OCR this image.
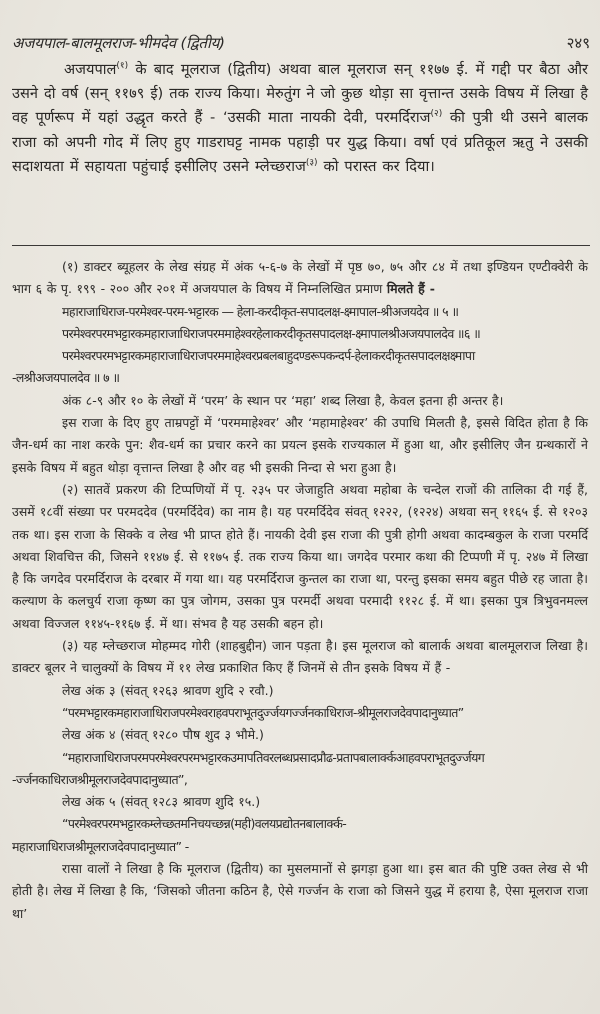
अजयपाल-बालमूलराज-भीमदेव (द्वितीय)	२४९

अजयपाल$^{(१)}$ के बाद मूलराज (द्वितीय) अथवा बाल मूलराज सन् ११७७ ई. में गद्दी पर बैठा और उसने दो वर्ष (सन् ११७९ ई) तक राज्य किया। मेरुतुंग ने जो कुछ थोड़ा सा वृत्तान्त उसके विषय में लिखा है वह पूर्णरूप में यहां उद्धृत करते हैं - ‘उसकी माता नायकी देवी, परमर्दिराज$^{(२)}$ की पुत्री थी उसने बालक राजा को अपनी गोद में लिए हुए गाडराघट्ट नामक पहाड़ी पर युद्ध किया। वर्षा एवं प्रतिकूल ऋतु ने उसकी सदाशयता में सहायता पहुंचाई इसीलिए उसने म्लेच्छराज$^{(३)}$ को परास्त कर दिया।

(१) डाक्टर ब्यूहलर के लेख संग्रह में अंक ५-६-७ के लेखों में पृष्ठ ७०, ७५ और ८४ में तथा इण्डियन एण्टीक्वेरी के भाग ६ के पृ. १९९ - २०० और २०१ में अजयपाल के विषय में निम्नलिखित प्रमाण मिलते हैं -

महाराजाधिराज-परमेश्वर-परम-भट्टारक — हेला-करदीकृत-सपादलक्ष-क्ष्मापाल-श्रीअजयदेव ॥ ५ ॥

परमेश्वरपरमभट्टारकमहाराजाधिराजपरममाहेश्वरहेलाकरदीकृतसपादलक्ष-क्ष्मापालश्रीअजयपालदेव ॥६ ॥

परमेश्वरपरमभट्टारकमहाराजाधिराजपरममाहेश्वरप्रबलबाहुदण्डरूपकन्दर्प-हेलाकरदीकृतसपादलक्षक्ष्मापा

-लश्रीअजयपालदेव ॥ ७ ॥

अंक ८-९ और १० के लेखों में ‘परम’ के स्थान पर ‘महा’ शब्द लिखा है, केवल इतना ही अन्तर है।

इस राजा के दिए हुए ताम्रपट्टों में ‘परममाहेश्वर’ और ‘महामाहेश्वर’ की उपाधि मिलती है, इससे विदित होता है कि जैन-धर्म का नाश करके पुन: शैव-धर्म का प्रचार करने का प्रयत्न इसके राज्यकाल में हुआ था, और इसीलिए जैन ग्रन्थकारों ने इसके विषय में बहुत थोड़ा वृत्तान्त लिखा है और वह भी इसकी निन्दा से भरा हुआ है।

(२) सातवें प्रकरण की टिप्पणियों में पृ. २३५ पर जेजाहुति अथवा महोबा के चन्देल राजों की तालिका दी गई हैं, उसमें १८वीं संख्या पर परमददेव (परमर्दिदेव) का नाम है। यह परमर्दिदेव संवत् १२२२, (१२२४) अथवा सन् ११६५ ई. से १२०३ तक था। इस राजा के सिक्के व लेख भी प्राप्त होते हैं। नायकी देवी इस राजा की पुत्री होगी अथवा कादम्बकुल के राजा परमर्दि अथवा शिवचित्त की, जिसने ११४७ ई. से ११७५ ई. तक राज्य किया था। जगदेव परमार कथा की टिप्पणी में पृ. २४७ में लिखा है कि जगदेव परमर्दिराज के दरबार में गया था। यह परमर्दिराज कुन्तल का राजा था, परन्तु इसका समय बहुत पीछे रह जाता है। कल्याण के कलचुर्य राजा कृष्ण का पुत्र जोगम, उसका पुत्र परमर्दी अथवा परमादी ११२८ ई. में था। इसका पुत्र त्रिभुवनमल्ल अथवा विज्जल ११४५-११६७ ई. में था। संभव है यह उसकी बहन हो।

(३) यह म्लेच्छराज मोहम्मद गोरी (शाहबुद्दीन) जान पड़ता है। इस मूलराज को बालार्क अथवा बालमूलराज लिखा है। डाक्टर बूलर ने चालुक्यों के विषय में ११ लेख प्रकाशित किए हैं जिनमें से तीन इसके विषय में हैं -

लेख अंक ३ (संवत् १२६३ श्रावण शुदि २ रवौ.)

“परमभट्टारकमहाराजाधिराजपरमेश्वराहवपराभूतदुर्ज्जयगर्ज्जनकाधिराज-श्रीमूलराजदेवपादानुध्यात”

लेख अंक ४ (संवत् १२८० पौष शुद ३ भौमे.)

“महाराजाधिराजपरमपरमेश्वरपरमभट्टारकउमापतिवरलब्धप्रसादप्रौढ-प्रतापबालार्क्कआहवपराभूतदुर्ज्जयग

-र्ज्जनकाधिराजश्रीमूलराजदेवपादानुध्यात”,

लेख अंक ५ (संवत् १२८३ श्रावण शुदि १५.)

“परमेश्वरपरमभट्टारकम्लेच्छतमनिचयच्छन्न(मही)वलयप्रद्योतनबालार्क्क-

महाराजाधिराजश्रीमूलराजदेवपादानुध्यात” -

रासा वालों ने लिखा है कि मूलराज (द्वितीय) का मुसलमानों से झगड़ा हुआ था। इस बात की पुष्टि उक्त लेख से भी होती है। लेख में लिखा है कि, ‘जिसको जीतना कठिन है, ऐसे गर्ज्जन के राजा को जिसने युद्ध में हराया है, ऐसा मूलराज राजा था’
